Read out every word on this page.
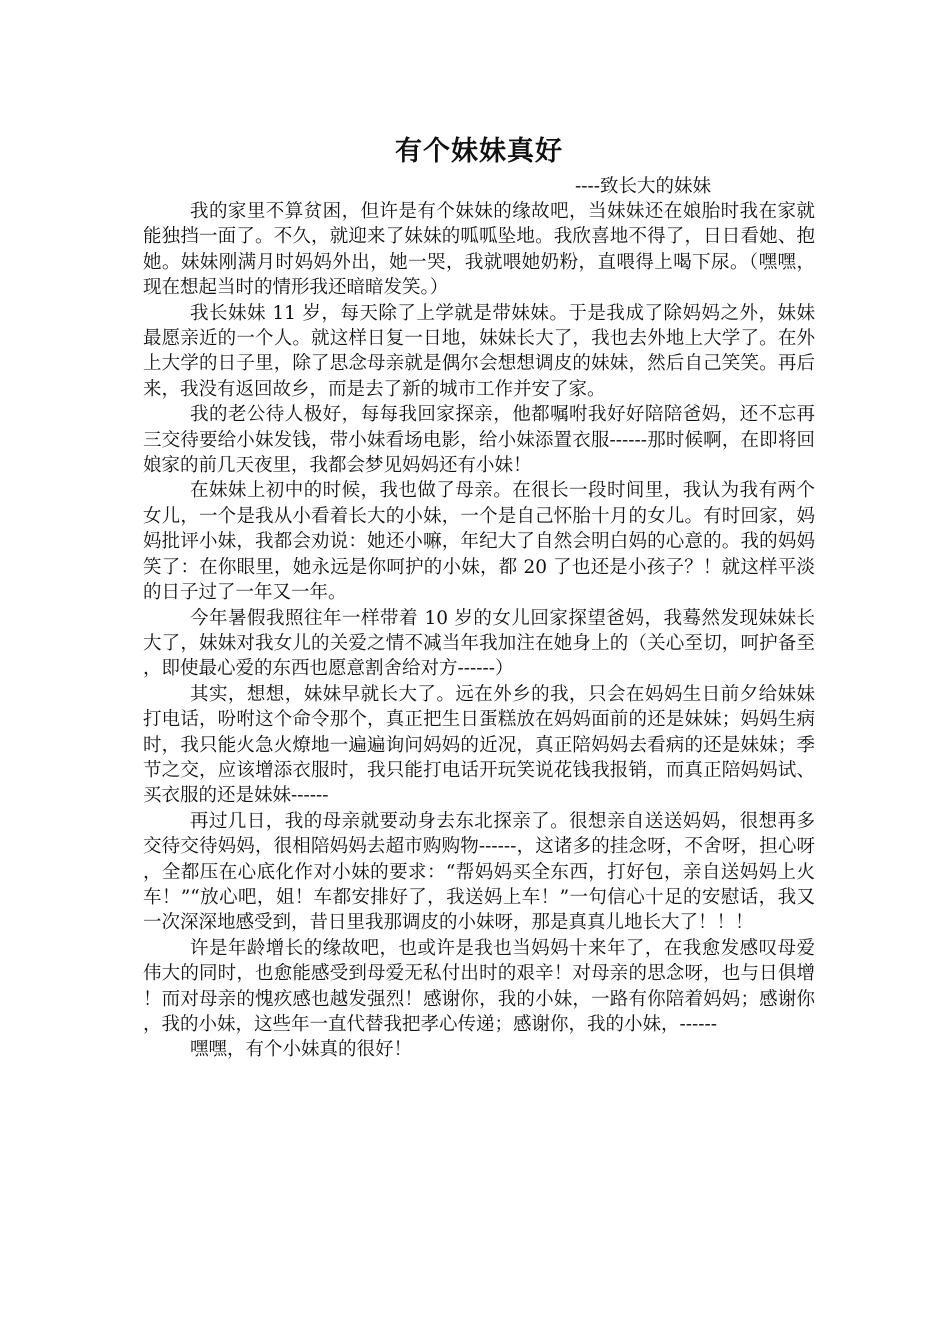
有个妹妹真好

----致长大的妹妹

我的家里不算贫困，但许是有个妹妹的缘故吧，当妹妹还在娘胎时我在家就能独挡一面了。不久，就迎来了妹妹的呱呱坠地。我欣喜地不得了，日日看她、抱她。妹妹刚满月时妈妈外出，她一哭，我就喂她奶粉，直喂得上喝下尿。（嘿嘿，现在想起当时的情形我还暗暗发笑。）

我长妹妹 11 岁，每天除了上学就是带妹妹。于是我成了除妈妈之外，妹妹最愿亲近的一个人。就这样日复一日地，妹妹长大了，我也去外地上大学了。在外上大学的日子里，除了思念母亲就是偶尔会想想调皮的妹妹，然后自己笑笑。再后来，我没有返回故乡，而是去了新的城市工作并安了家。

我的老公待人极好，每每我回家探亲，他都嘱咐我好好陪陪爸妈，还不忘再三交待要给小妹发钱，带小妹看场电影，给小妹添置衣服------那时候啊，在即将回娘家的前几天夜里，我都会梦见妈妈还有小妹！

在妹妹上初中的时候，我也做了母亲。在很长一段时间里，我认为我有两个女儿，一个是我从小看着长大的小妹，一个是自己怀胎十月的女儿。有时回家，妈妈批评小妹，我都会劝说：她还小嘛，年纪大了自然会明白妈的心意的。我的妈妈笑了：在你眼里，她永远是你呵护的小妹，都 20 了也还是小孩子？！就这样平淡的日子过了一年又一年。

今年暑假我照往年一样带着 10 岁的女儿回家探望爸妈，我蓦然发现妹妹长大了，妹妹对我女儿的关爱之情不减当年我加注在她身上的（关心至切，呵护备至，即使最心爱的东西也愿意割舍给对方------）

其实，想想，妹妹早就长大了。远在外乡的我，只会在妈妈生日前夕给妹妹打电话，吩咐这个命令那个，真正把生日蛋糕放在妈妈面前的还是妹妹；妈妈生病时，我只能火急火燎地一遍遍询问妈妈的近况，真正陪妈妈去看病的还是妹妹；季节之交，应该增添衣服时，我只能打电话开玩笑说花钱我报销，而真正陪妈妈试、买衣服的还是妹妹------

再过几日，我的母亲就要动身去东北探亲了。很想亲自送送妈妈，很想再多交待交待妈妈，很相陪妈妈去超市购购物------，这诸多的挂念呀，不舍呀，担心呀，全都压在心底化作对小妹的要求：“帮妈妈买全东西，打好包，亲自送妈妈上火车！”“放心吧，姐！车都安排好了，我送妈上车！”一句信心十足的安慰话，我又一次深深地感受到，昔日里我那调皮的小妹呀，那是真真儿地长大了！！！

许是年龄增长的缘故吧，也或许是我也当妈妈十来年了，在我愈发感叹母爱伟大的同时，也愈能感受到母爱无私付出时的艰辛！对母亲的思念呀，也与日俱增！而对母亲的愧疚感也越发强烈！感谢你，我的小妹，一路有你陪着妈妈；感谢你，我的小妹，这些年一直代替我把孝心传递；感谢你，我的小妹，------

嘿嘿，有个小妹真的很好！
